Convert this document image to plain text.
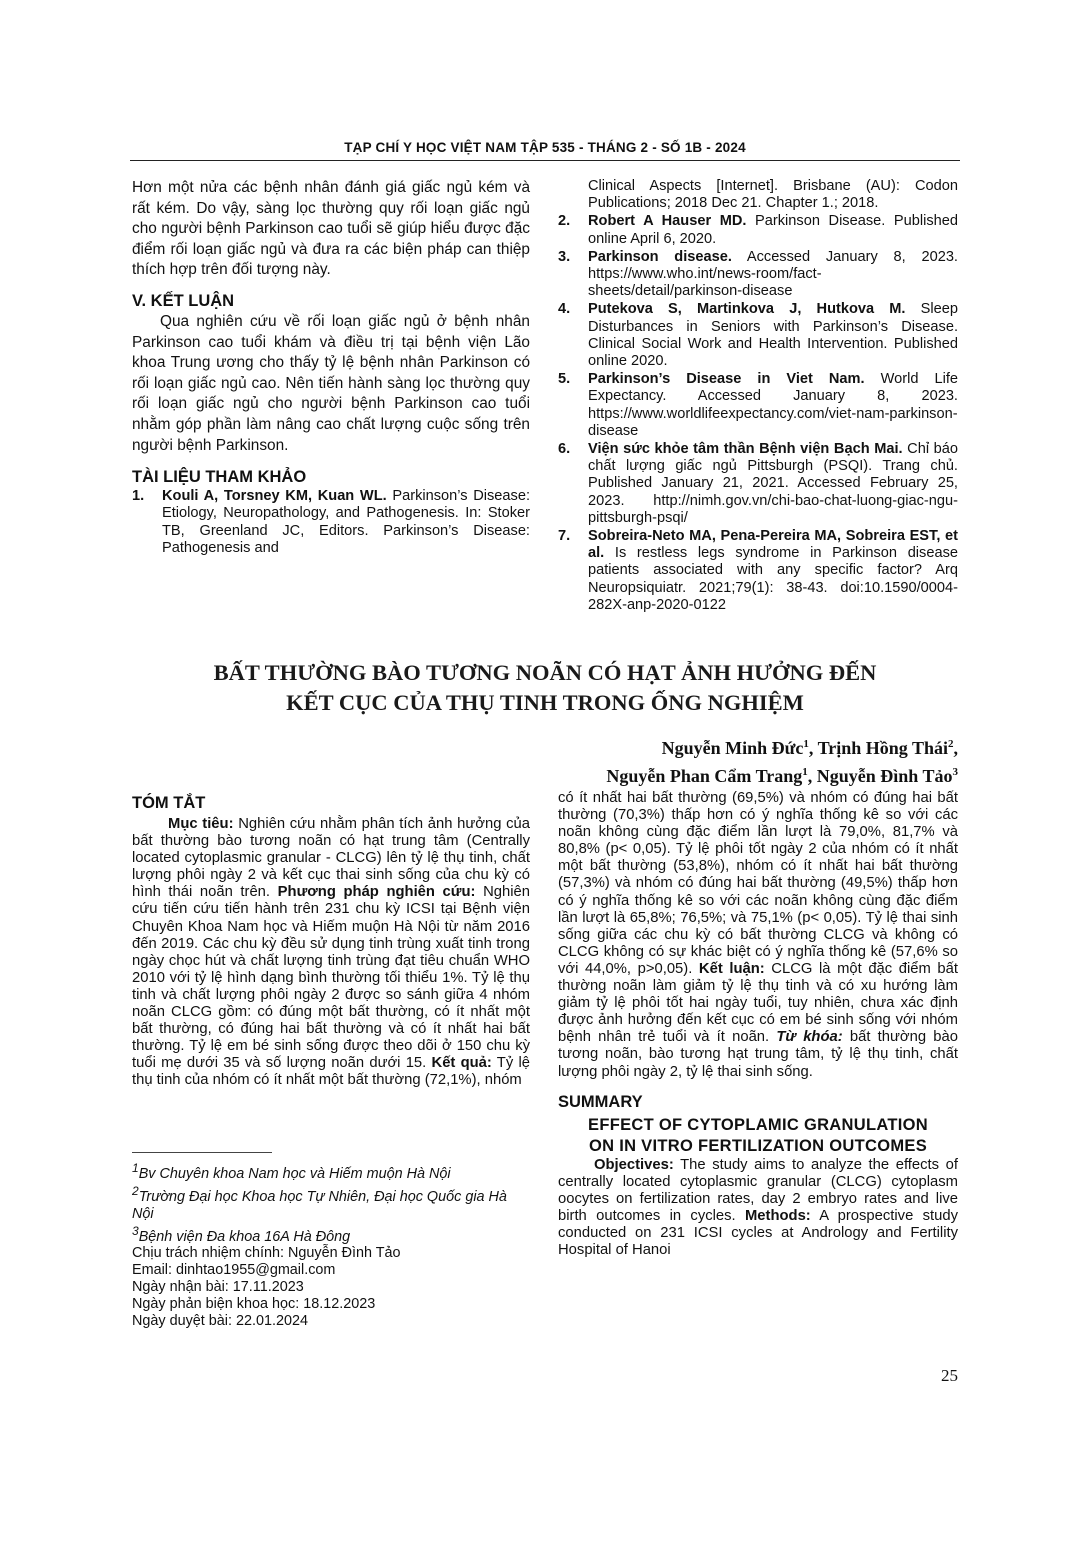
TẠP CHÍ Y HỌC VIỆT NAM TẬP 535 - THÁNG 2 - SỐ 1B - 2024

Hơn một nửa các bệnh nhân đánh giá giấc ngủ kém và rất kém. Do vậy, sàng lọc thường quy rối loạn giấc ngủ cho người bệnh Parkinson cao tuổi sẽ giúp hiểu được đặc điểm rối loạn giấc ngủ và đưa ra các biện pháp can thiệp thích hợp trên đối tượng này.

V. KẾT LUẬN

Qua nghiên cứu về rối loạn giấc ngủ ở bệnh nhân Parkinson cao tuổi khám và điều trị tại bệnh viện Lão khoa Trung ương cho thấy tỷ lệ bệnh nhân Parkinson có rối loạn giấc ngủ cao. Nên tiến hành sàng lọc thường quy rối loạn giấc ngủ cho người bệnh Parkinson cao tuổi nhằm góp phần làm nâng cao chất lượng cuộc sống trên người bệnh Parkinson.

TÀI LIỆU THAM KHẢO
1.	Kouli A, Torsney KM, Kuan WL. Parkinson’s Disease: Etiology, Neuropathology, and Pathogenesis. In: Stoker TB, Greenland JC, Editors. Parkinson’s Disease: Pathogenesis and
Clinical Aspects [Internet]. Brisbane (AU): Codon Publications; 2018 Dec 21. Chapter 1.; 2018.
2.	Robert A Hauser MD. Parkinson Disease. Published online April 6, 2020.
3.	Parkinson disease. Accessed January 8, 2023. https://www.who.int/news-room/fact-sheets/detail/parkinson-disease
4.	Putekova S, Martinkova J, Hutkova M. Sleep Disturbances in Seniors with Parkinson’s Disease. Clinical Social Work and Health Intervention. Published online 2020.
5.	Parkinson’s Disease in Viet Nam. World Life Expectancy. Accessed January 8, 2023. https://www.worldlifeexpectancy.com/viet-nam-parkinson-disease
6.	Viện sức khỏe tâm thần Bệnh viện Bạch Mai. Chỉ báo chất lượng giấc ngủ Pittsburgh (PSQI). Trang chủ. Published January 21, 2021. Accessed February 25, 2023. http://nimh.gov.vn/chi-bao-chat-luong-giac-ngu-pittsburgh-psqi/
7.	Sobreira-Neto MA, Pena-Pereira MA, Sobreira EST, et al. Is restless legs syndrome in Parkinson disease patients associated with any specific factor? Arq Neuropsiquiatr. 2021;79(1): 38-43. doi:10.1590/0004-282X-anp-2020-0122
BẤT THƯỜNG BÀO TƯƠNG NOÃN CÓ HẠT ẢNH HƯỞNG ĐẾN
KẾT CỤC CỦA THỤ TINH TRONG ỐNG NGHIỆM
Nguyễn Minh Đức$^1$, Trịnh Hồng Thái$^2$,
Nguyễn Phan Cẩm Trang$^1$, Nguyễn Đình Tảo$^3$
TÓM TẮT

Mục tiêu: Nghiên cứu nhằm phân tích ảnh hưởng của bất thường bào tương noãn có hạt trung tâm (Centrally located cytoplasmic granular - CLCG) lên tỷ lệ thụ tinh, chất lượng phôi ngày 2 và kết cục thai sinh sống của chu kỳ có hình thái noãn trên. Phương pháp nghiên cứu: Nghiên cứu tiến cứu tiến hành trên 231 chu kỳ ICSI tại Bệnh viện Chuyên Khoa Nam học và Hiếm muộn Hà Nội từ năm 2016 đến 2019. Các chu kỳ đều sử dụng tinh trùng xuất tinh trong ngày chọc hút và chất lượng tinh trùng đạt tiêu chuẩn WHO 2010 với tỷ lệ hình dạng bình thường tối thiểu 1%. Tỷ lệ thụ tinh và chất lượng phôi ngày 2 được so sánh giữa 4 nhóm noãn CLCG gồm: có đúng một bất thường, có ít nhất một bất thường, có đúng hai bất thường và có ít nhất hai bất thường. Tỷ lệ em bé sinh sống được theo dõi ở 150 chu kỳ tuổi mẹ dưới 35 và số lượng noãn dưới 15. Kết quả: Tỷ lệ thụ tinh của nhóm có ít nhất một bất thường (72,1%), nhóm

$^1$Bv Chuyên khoa Nam học và Hiếm muộn Hà Nội
$^2$Trường Đại học Khoa học Tự Nhiên, Đại học Quốc gia Hà Nội
$^3$Bệnh viện Đa khoa 16A Hà Đông
Chịu trách nhiệm chính: Nguyễn Đình Tảo
Email: dinhtao1955@gmail.com
Ngày nhận bài: 17.11.2023
Ngày phản biện khoa học: 18.12.2023
Ngày duyệt bài: 22.01.2024

có ít nhất hai bất thường (69,5%) và nhóm có đúng hai bất thường (70,3%) thấp hơn có ý nghĩa thống kê so với các noãn không cùng đặc điểm lần lượt là 79,0%, 81,7% và 80,8% (p< 0,05). Tỷ lệ phôi tốt ngày 2 của nhóm có ít nhất một bất thường (53,8%), nhóm có ít nhất hai bất thường (57,3%) và nhóm có đúng hai bất thường (49,5%) thấp hơn có ý nghĩa thống kê so với các noãn không cùng đặc điểm lần lượt là 65,8%; 76,5%; và 75,1% (p< 0,05). Tỷ lệ thai sinh sống giữa các chu kỳ có bất thường CLCG và không có CLCG không có sự khác biệt có ý nghĩa thống kê (57,6% so với 44,0%, p>0,05). Kết luận: CLCG là một đặc điểm bất thường noãn làm giảm tỷ lệ thụ tinh và có xu hướng làm giảm tỷ lệ phôi tốt hai ngày tuổi, tuy nhiên, chưa xác định được ảnh hưởng đến kết cục có em bé sinh sống với nhóm bệnh nhân trẻ tuổi và ít noãn. Từ khóa: bất thường bào tương noãn, bào tương hạt trung tâm, tỷ lệ thụ tinh, chất lượng phôi ngày 2, tỷ lệ thai sinh sống.

SUMMARY
EFFECT OF CYTOPLAMIC GRANULATION
ON IN VITRO FERTILIZATION OUTCOMES

Objectives: The study aims to analyze the effects of centrally located cytoplasmic granular (CLCG) cytoplasm oocytes on fertilization rates, day 2 embryo rates and live birth outcomes in cycles. Methods: A prospective study conducted on 231 ICSI cycles at Andrology and Fertility Hospital of Hanoi

25
